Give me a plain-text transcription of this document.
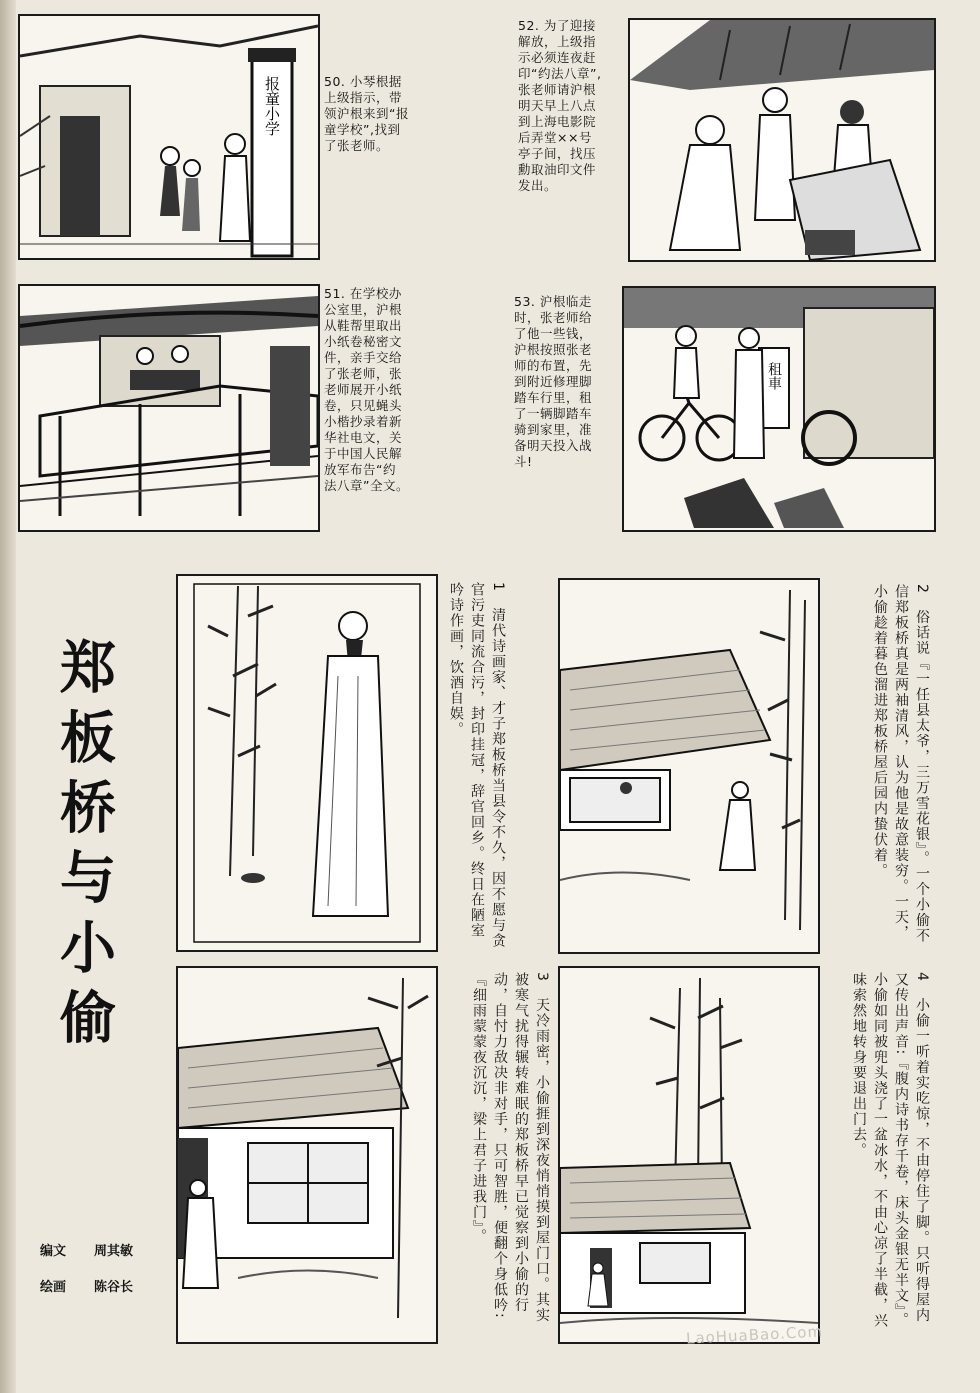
报童小学	50. 小琴根据
上级指示，带
领沪根来到“报
童学校”,找到
了张老师。
51. 在学校办
公室里，沪根
从鞋帮里取出
小纸卷秘密文
件，亲手交给
了张老师，张
老师展开小纸
卷，只见蝇头
小楷抄录着新
华社电文，关
于中国人民解
放军布告“约
法八章”全文。
52. 为了迎接
解放，上级指
示必须连夜赶
印“约法八章”,
张老师请沪根
明天早上八点
到上海电影院
后弄堂××号
亭子间，找压
勳取油印文件
发出。
53. 沪根临走
时，张老师给
了他一些钱，
沪根按照张老
师的布置，先
到附近修理脚
踏车行里，租
了一辆脚踏车
骑到家里，准
备明天投入战
斗!
租車
郑板桥与小偷
编文 周其敏
绘画 陈谷长
1　清代诗画家、才子郑板桥当县令不久，因不愿与贪官污吏同流合污，封印挂冠，辞官回乡。终日在陋室吟诗作画，饮酒自娱。	2　俗话说『一任县太爷，三万雪花银』。一个小偷不信郑板桥真是两袖清风，认为他是故意装穷。一天，小偷趁着暮色溜进郑板桥屋后园内蛰伏着。
3　天冷雨密，小偷捱到深夜悄悄摸到屋门口。其实被寒气扰得辗转难眠的郑板桥早已觉察到小偷的行动，自忖力敌决非对手，只可智胜，便翻个身低吟:『细雨蒙蒙夜沉沉，梁上君子进我门』。	4　小偷一听着实吃惊，不由停住了脚。只听得屋内又传出声音:『腹内诗书存千卷，床头金银无半文』。小偷如同被兜头浇了一盆冰水，不由心凉了半截，兴味索然地转身要退出门去。
LaoHuaBao.Com
